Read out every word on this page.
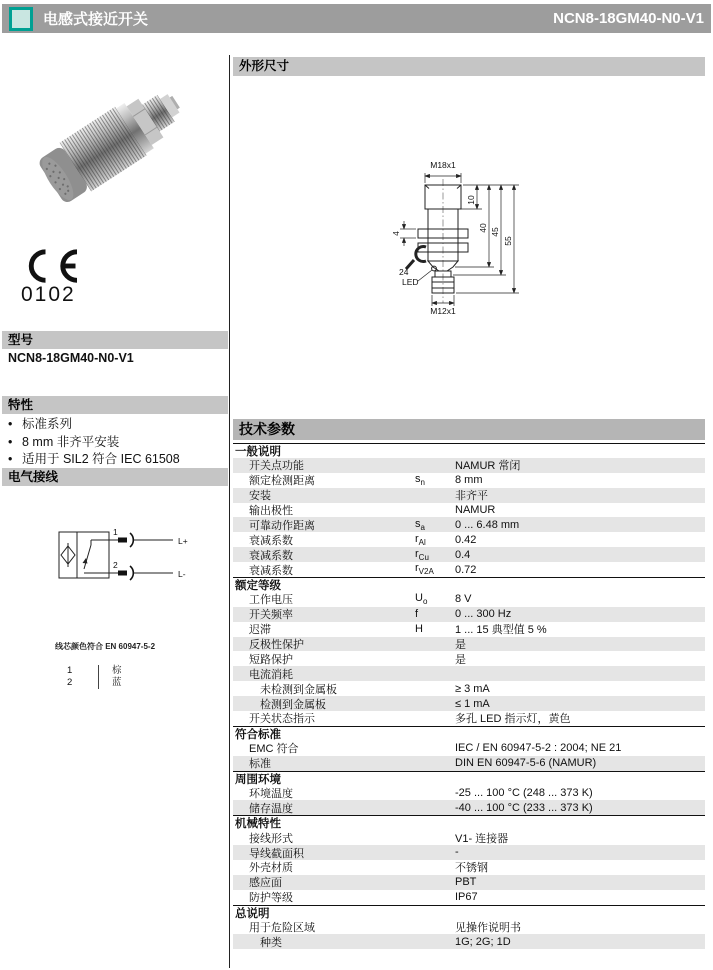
电感式接近开关	NCN8-18GM40-N0-V1
0102
型号
NCN8-18GM40-N0-V1
特性
• 标准系列
• 8 mm 非齐平安装
• 适用于 SIL2 符合 IEC 61508
电气接线
1
2
L+
L-
线芯颜色符合 EN 60947-5-2
1	棕
2	蓝
外形尺寸
M18x1
10
40 45
55
4
24
LED
M12x1
技术参数
一般说明
开关点功能	NAMUR 常闭
额定检测距离	$s_n$	8 mm
安装	非齐平
输出极性	NAMUR
可靠动作距离	$s_a$	0 ... 6.48 mm
衰减系数	$r_{Al}$	0.42
衰减系数	$r_{Cu}$	0.4
衰减系数	$r_{V2A}$	0.72
额定等级
工作电压	$U_o$	8 V
开关频率	f	0 ... 300 Hz
迟滞	H	1 ... 15 典型值 5 %
反极性保护	是
短路保护	是
电流消耗
未检测到金属板	≥ 3 mA
检测到金属板	≤ 1 mA
开关状态指示	多孔 LED 指示灯，黄色
符合标准
EMC 符合	IEC / EN 60947-5-2 : 2004; NE 21
标准	DIN EN 60947-5-6 (NAMUR)
周围环境
环境温度	-25 ... 100 °C (248 ... 373 K)
储存温度	-40 ... 100 °C (233 ... 373 K)
机械特性
接线形式	V1- 连接器
导线截面积	-
外壳材质	不锈钢
感应面	PBT
防护等级	IP67
总说明
用于危险区域	见操作说明书
种类	1G; 2G; 1D
